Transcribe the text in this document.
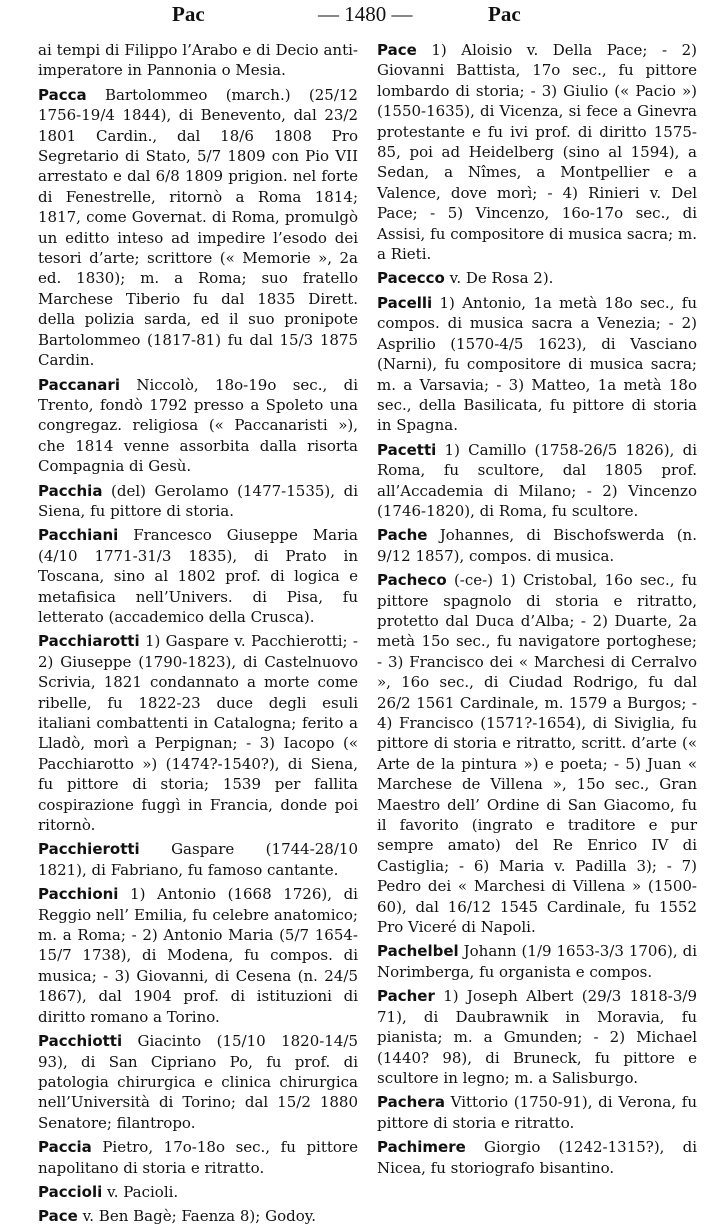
Pac	— 1480 —	Pac

ai tempi di Filippo l’Arabo e di Decio anti-imperatore in Pannonia o Mesia.

Pacca Bartolommeo (march.) (25/12 1756-19/4 1844), di Benevento, dal 23/2 1801 Cardin., dal 18/6 1808 Pro Segretario di Stato, 5/7 1809 con Pio VII arrestato e dal 6/8 1809 prigion. nel forte di Fenestrelle, ritornò a Roma 1814; 1817, come Governat. di Roma, promulgò un editto inteso ad impedire l’esodo dei tesori d’arte; scrittore (« Memorie », 2a ed. 1830); m. a Roma; suo fratello Marchese Tiberio fu dal 1835 Dirett. della polizia sarda, ed il suo pronipote Bartolommeo (1817-81) fu dal 15/3 1875 Cardin.

Paccanari Niccolò, 18o-19o sec., di Trento, fondò 1792 presso a Spoleto una congregaz. religiosa (« Paccanaristi »), che 1814 venne assorbita dalla risorta Compagnia di Gesù.

Pacchia (del) Gerolamo (1477-1535), di Siena, fu pittore di storia.

Pacchiani Francesco Giuseppe Maria (4/10 1771-31/3 1835), di Prato in Toscana, sino al 1802 prof. di logica e metafisica nell’Univers. di Pisa, fu letterato (accademico della Crusca).

Pacchiarotti 1) Gaspare v. Pacchierotti; - 2) Giuseppe (1790-1823), di Castelnuovo Scrivia, 1821 condannato a morte come ribelle, fu 1822-23 duce degli esuli italiani combattenti in Catalogna; ferito a Lladò, morì a Perpignan; - 3) Iacopo (« Pacchiarotto ») (1474?-1540?), di Siena, fu pittore di storia; 1539 per fallita cospirazione fuggì in Francia, donde poi ritornò.

Pacchierotti Gaspare (1744-28/10 1821), di Fabriano, fu famoso cantante.

Pacchioni 1) Antonio (1668 1726), di Reggio nell’ Emilia, fu celebre anatomico; m. a Roma; - 2) Antonio Maria (5/7 1654-15/7 1738), di Modena, fu compos. di musica; - 3) Giovanni, di Cesena (n. 24/5 1867), dal 1904 prof. di istituzioni di diritto romano a Torino.

Pacchiotti Giacinto (15/10 1820-14/5 93), di San Cipriano Po, fu prof. di patologia chirurgica e clinica chirurgica nell’Università di Torino; dal 15/2 1880 Senatore; filantropo.

Paccia Pietro, 17o-18o sec., fu pittore napolitano di storia e ritratto.

Paccioli v. Pacioli.

Pace v. Ben Bagè; Faenza 8); Godoy.

Pace 1) Aloisio v. Della Pace; - 2) Giovanni Battista, 17o sec., fu pittore lombardo di storia; - 3) Giulio (« Pacio ») (1550-1635), di Vicenza, si fece a Ginevra protestante e fu ivi prof. di diritto 1575-85, poi ad Heidelberg (sino al 1594), a Sedan, a Nîmes, a Montpellier e a Valence, dove morì; - 4) Rinieri v. Del Pace; - 5) Vincenzo, 16o-17o sec., di Assisi, fu compositore di musica sacra; m. a Rieti.

Pacecco v. De Rosa 2).

Pacelli 1) Antonio, 1a metà 18o sec., fu compos. di musica sacra a Venezia; - 2) Asprilio (1570-4/5 1623), di Vasciano (Narni), fu compositore di musica sacra; m. a Varsavia; - 3) Matteo, 1a metà 18o sec., della Basilicata, fu pittore di storia in Spagna.

Pacetti 1) Camillo (1758-26/5 1826), di Roma, fu scultore, dal 1805 prof. all’Accademia di Milano; - 2) Vincenzo (1746-1820), di Roma, fu scultore.

Pache Johannes, di Bischofswerda (n. 9/12 1857), compos. di musica.

Pacheco (-ce-) 1) Cristobal, 16o sec., fu pittore spagnolo di storia e ritratto, protetto dal Duca d’Alba; - 2) Duarte, 2a metà 15o sec., fu navigatore portoghese; - 3) Francisco dei « Marchesi di Cerralvo », 16o sec., di Ciudad Rodrigo, fu dal 26/2 1561 Cardinale, m. 1579 a Burgos; - 4) Francisco (1571?-1654), di Siviglia, fu pittore di storia e ritratto, scritt. d’arte (« Arte de la pintura ») e poeta; - 5) Juan « Marchese de Villena », 15o sec., Gran Maestro dell’ Ordine di San Giacomo, fu il favorito (ingrato e traditore e pur sempre amato) del Re Enrico IV di Castiglia; - 6) Maria v. Padilla 3); - 7) Pedro dei « Marchesi di Villena » (1500-60), dal 16/12 1545 Cardinale, fu 1552 Pro Viceré di Napoli.

Pachelbel Johann (1/9 1653-3/3 1706), di Norimberga, fu organista e compos.

Pacher 1) Joseph Albert (29/3 1818-3/9 71), di Daubrawnik in Moravia, fu pianista; m. a Gmunden; - 2) Michael (1440? 98), di Bruneck, fu pittore e scultore in legno; m. a Salisburgo.

Pachera Vittorio (1750-91), di Verona, fu pittore di storia e ritratto.

Pachimere Giorgio (1242-1315?), di Nicea, fu storiografo bisantino.
